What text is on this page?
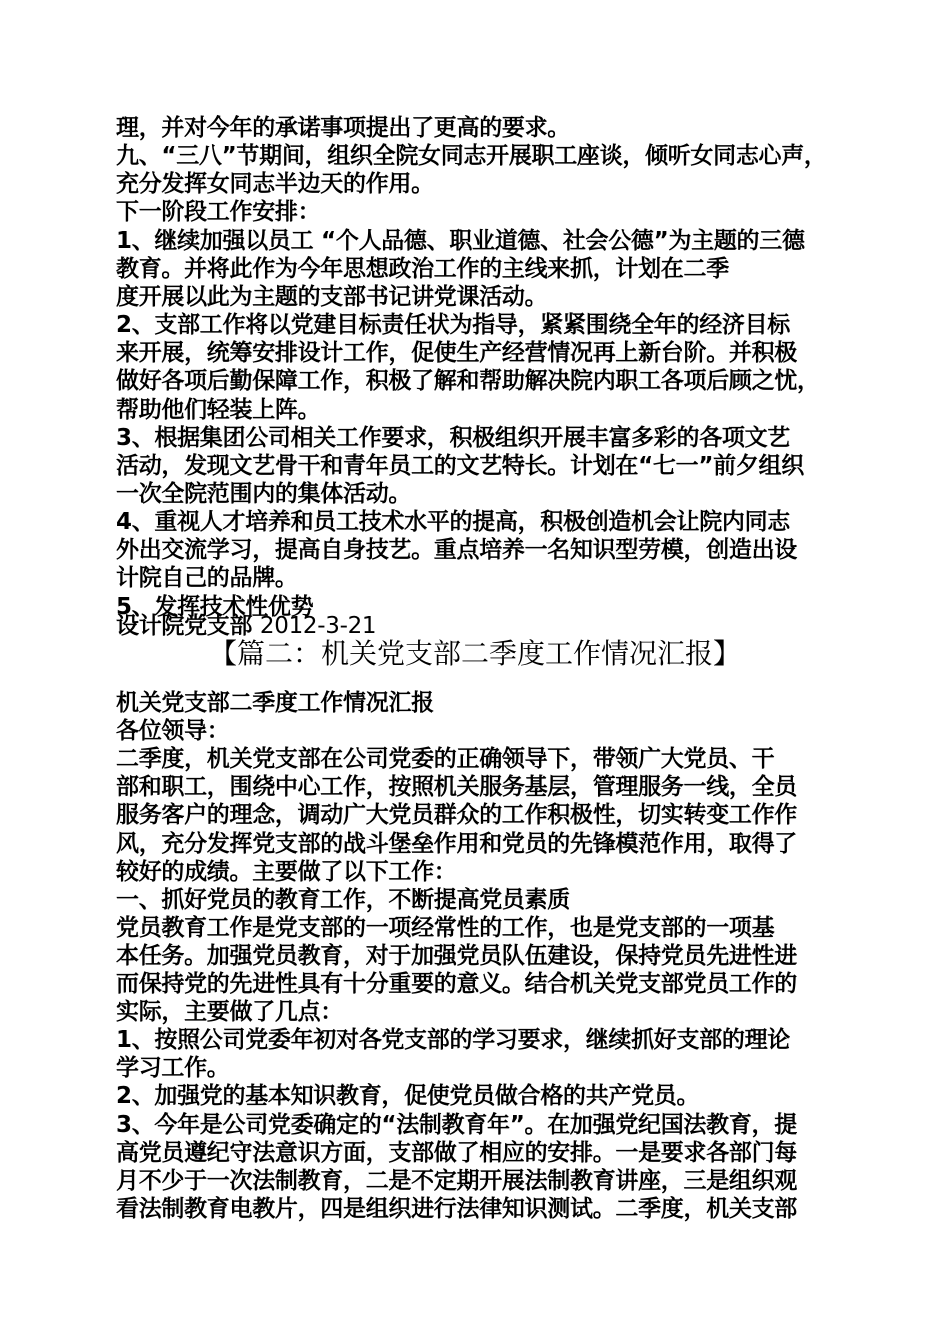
理，并对今年的承诺事项提出了更高的要求。
九、“三八”节期间，组织全院女同志开展职工座谈，倾听女同志心声，
充分发挥女同志半边天的作用。
下一阶段工作安排：
1、继续加强以员工 “个人品德、职业道德、社会公德”为主题的三德
教育。并将此作为今年思想政治工作的主线来抓，计划在二季
度开展以此为主题的支部书记讲党课活动。
2、支部工作将以党建目标责任状为指导，紧紧围绕全年的经济目标
来开展，统筹安排设计工作，促使生产经营情况再上新台阶。并积极
做好各项后勤保障工作，积极了解和帮助解决院内职工各项后顾之忧，
帮助他们轻装上阵。
3、根据集团公司相关工作要求，积极组织开展丰富多彩的各项文艺
活动，发现文艺骨干和青年员工的文艺特长。计划在“七一”前夕组织
一次全院范围内的集体活动。
4、重视人才培养和员工技术水平的提高，积极创造机会让院内同志
外出交流学习，提高自身技艺。重点培养一名知识型劳模，创造出设
计院自己的品牌。
5、发挥技术性优势
设计院党支部 2012-3-21
【篇二：机关党支部二季度工作情况汇报】
机关党支部二季度工作情况汇报
各位领导：
二季度，机关党支部在公司党委的正确领导下，带领广大党员、干
部和职工，围绕中心工作，按照机关服务基层，管理服务一线，全员
服务客户的理念，调动广大党员群众的工作积极性，切实转变工作作
风，充分发挥党支部的战斗堡垒作用和党员的先锋模范作用，取得了
较好的成绩。主要做了以下工作：
一、抓好党员的教育工作，不断提高党员素质
党员教育工作是党支部的一项经常性的工作，也是党支部的一项基
本任务。加强党员教育，对于加强党员队伍建设，保持党员先进性进
而保持党的先进性具有十分重要的意义。结合机关党支部党员工作的
实际，主要做了几点：
1、按照公司党委年初对各党支部的学习要求，继续抓好支部的理论
学习工作。
2、加强党的基本知识教育，促使党员做合格的共产党员。
3、今年是公司党委确定的“法制教育年”。在加强党纪国法教育，提
高党员遵纪守法意识方面，支部做了相应的安排。一是要求各部门每
月不少于一次法制教育，二是不定期开展法制教育讲座，三是组织观
看法制教育电教片，四是组织进行法律知识测试。二季度，机关支部
